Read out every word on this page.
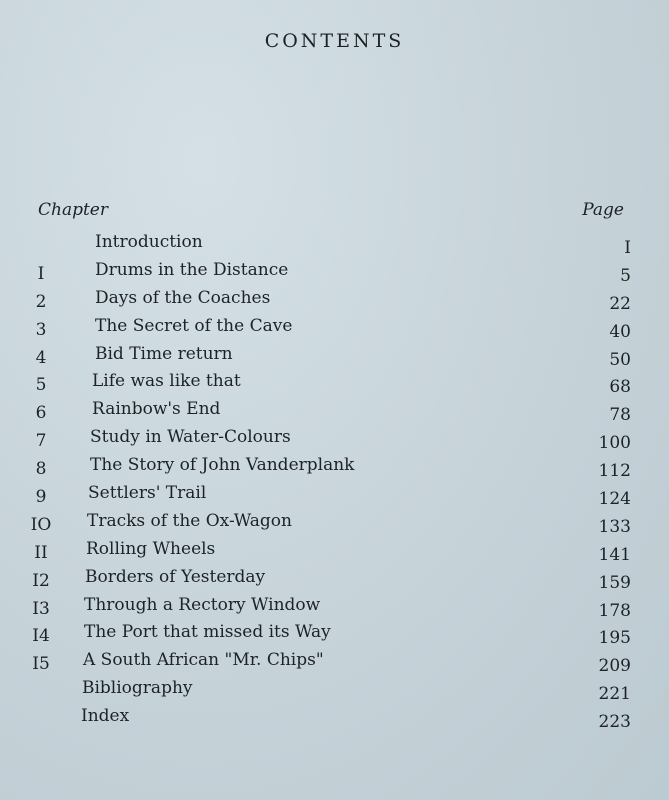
CONTENTS
Chapter	Page
Introduction	I
I	Drums in the Distance	5
2	Days of the Coaches	22
3	The Secret of the Cave	40
4	Bid Time return	50
5	Life was like that	68
6	Rainbow's End	78
7	Study in Water-Colours	100
8	The Story of John Vanderplank	112
9	Settlers' Trail	124
IO	Tracks of the Ox-Wagon	133
II	Rolling Wheels	141
I2	Borders of Yesterday	159
I3	Through a Rectory Window	178
I4	The Port that missed its Way	195
I5	A South African "Mr. Chips"	209
Bibliography	221
Index	223
